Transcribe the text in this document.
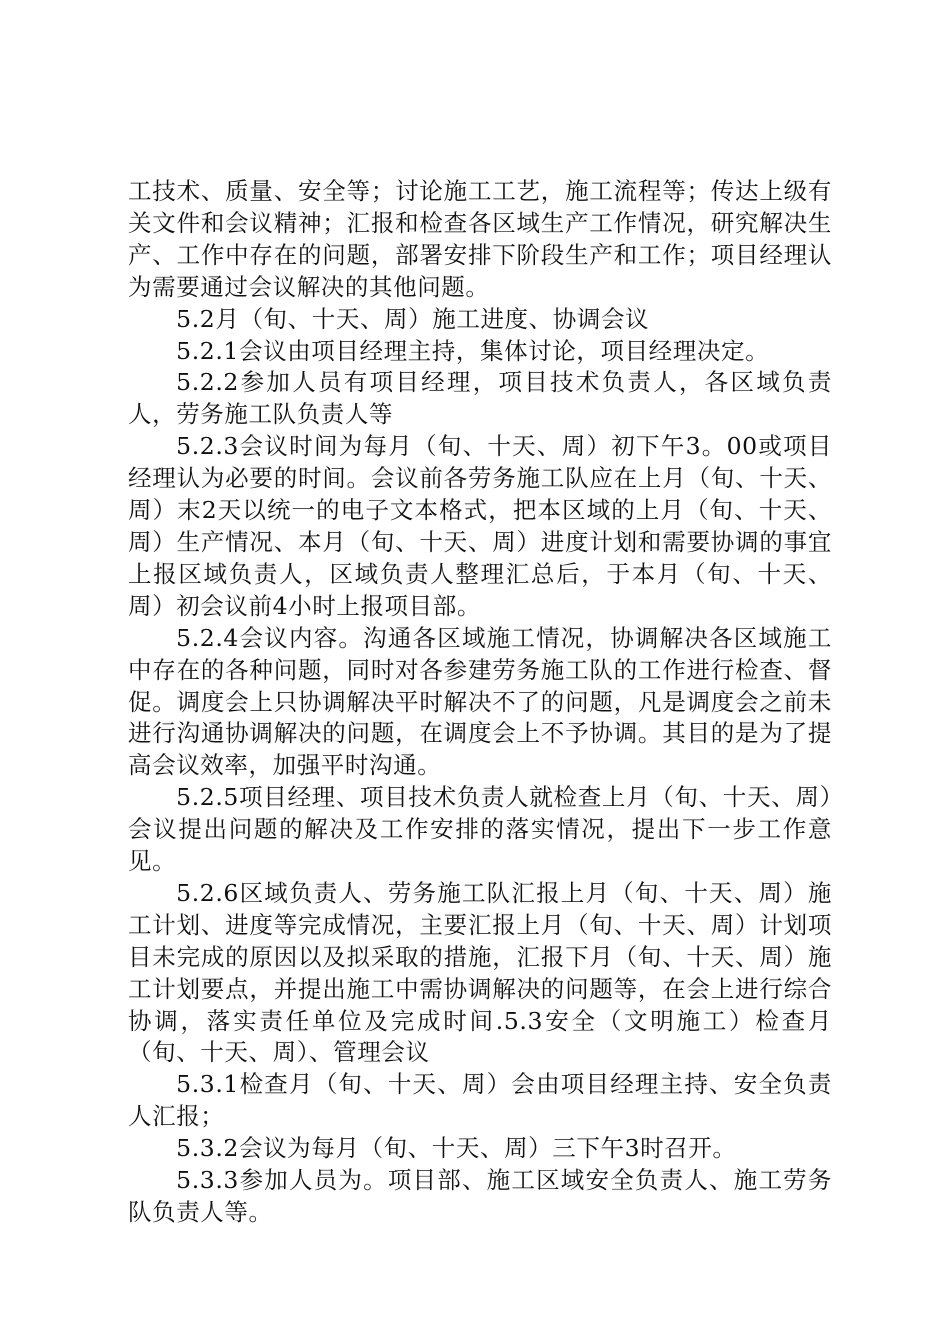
工技术、质量、安全等；讨论施工工艺，施工流程等；传达上级有关文件和会议精神；汇报和检查各区域生产工作情况，研究解决生产、工作中存在的问题，部署安排下阶段生产和工作；项目经理认为需要通过会议解决的其他问题。

5.2月（旬、十天、周）施工进度、协调会议

5.2.1会议由项目经理主持，集体讨论，项目经理决定。

5.2.2参加人员有项目经理，项目技术负责人，各区域负责人，劳务施工队负责人等

5.2.3会议时间为每月（旬、十天、周）初下午3。00或项目经理认为必要的时间。会议前各劳务施工队应在上月（旬、十天、周）末2天以统一的电子文本格式，把本区域的上月（旬、十天、周）生产情况、本月（旬、十天、周）进度计划和需要协调的事宜上报区域负责人，区域负责人整理汇总后，于本月（旬、十天、周）初会议前4小时上报项目部。

5.2.4会议内容。沟通各区域施工情况，协调解决各区域施工中存在的各种问题，同时对各参建劳务施工队的工作进行检查、督促。调度会上只协调解决平时解决不了的问题，凡是调度会之前未进行沟通协调解决的问题，在调度会上不予协调。其目的是为了提高会议效率，加强平时沟通。

5.2.5项目经理、项目技术负责人就检查上月（旬、十天、周）会议提出问题的解决及工作安排的落实情况，提出下一步工作意见。

5.2.6区域负责人、劳务施工队汇报上月（旬、十天、周）施工计划、进度等完成情况，主要汇报上月（旬、十天、周）计划项目未完成的原因以及拟采取的措施，汇报下月（旬、十天、周）施工计划要点，并提出施工中需协调解决的问题等，在会上进行综合协调，落实责任单位及完成时间.5.3安全（文明施工）检查月（旬、十天、周）、管理会议

5.3.1检查月（旬、十天、周）会由项目经理主持、安全负责人汇报；

5.3.2会议为每月（旬、十天、周）三下午3时召开。

5.3.3参加人员为。项目部、施工区域安全负责人、施工劳务队负责人等。
